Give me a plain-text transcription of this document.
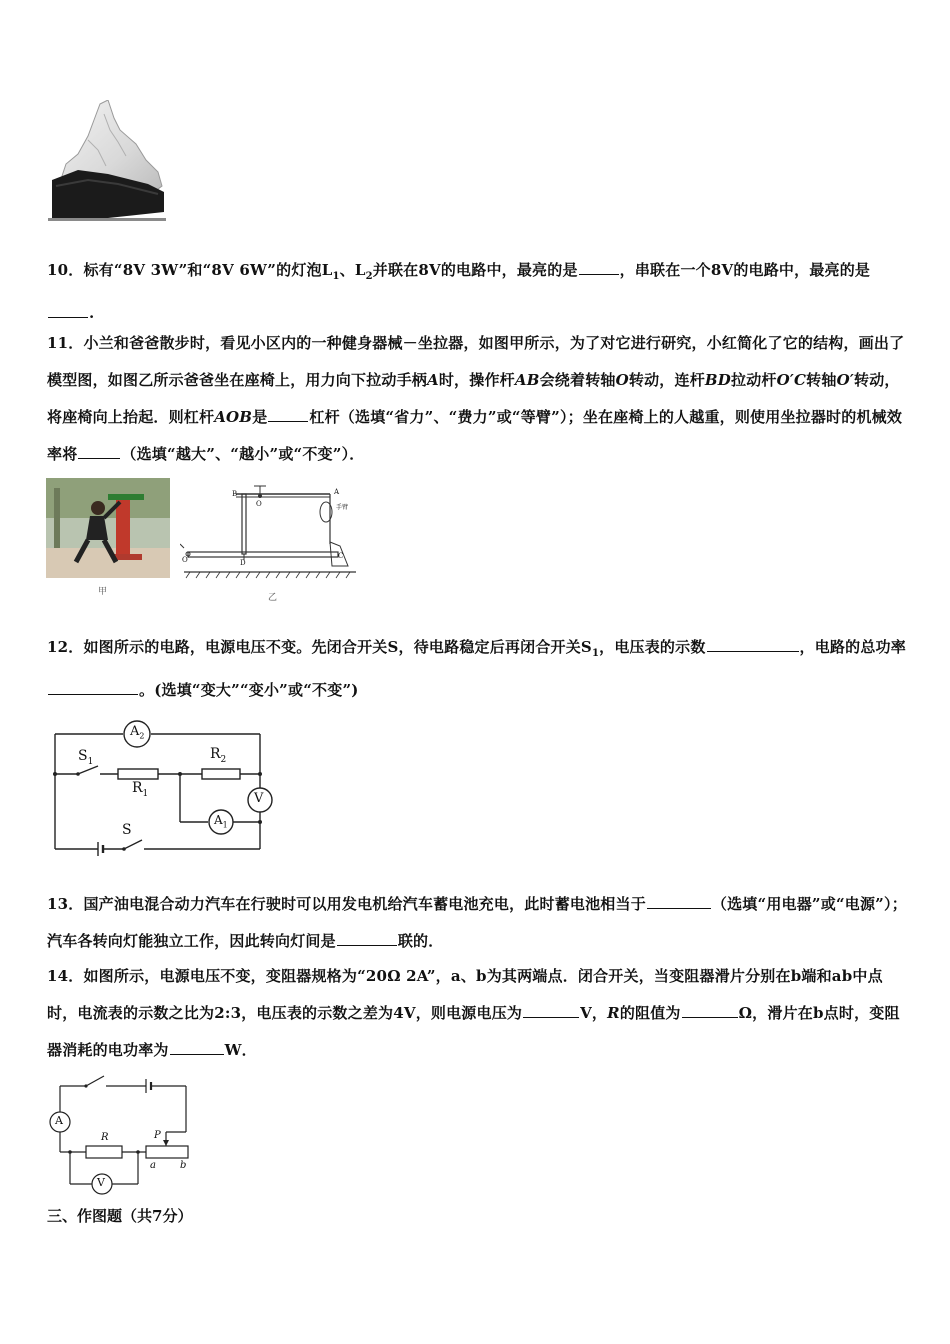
10．标有“8V 3W”和“8V 6W”的灯泡$L_1$、$L_2$并联在8V的电路中，最亮的是	，串联在一个8V的电路中，最亮的是.
11．小兰和爸爸散步时，看见小区内的一种健身器械－坐拉器，如图甲所示，为了对它进行研究，小红简化了它的结构，画出了模型图，如图乙所示爸爸坐在座椅上，用力向下拉动手柄A时，操作杆AB会绕着转轴O转动，连杆BD拉动杆O′C转轴O′转动，将座椅向上抬起．则杠杆AOB是	杠杆（选填“省力”、“费力”或“等臂”）；坐在座椅上的人越重，则使用坐拉器时的机械效率将	（选填“越大”、“越小”或“不变”）．
甲
B
O
A
手臂
O′	D
C
乙
12．如图所示的电路，电源电压不变。先闭合开关S，待电路稳定后再闭合开关$S_1$，电压表的示数	，电路的总功率。(选填“变大”“变小”或“不变”)
$A_2$
$S_1$
$R_1$
$R_2$
V
$A_1$
S
13．国产油电混合动力汽车在行驶时可以用发电机给汽车蓄电池充电，此时蓄电池相当于	（选填“用电器”或“电源”）；汽车各转向灯能独立工作，因此转向灯间是	联的．
14．如图所示，电源电压不变，变阻器规格为“20Ω 2A”，a、b为其两端点．闭合开关，当变阻器滑片分别在b端和ab中点时，电流表的示数之比为2:3，电压表的示数之差为4V，则电源电压为	V，R的阻值为	Ω，滑片在b点时，变阻器消耗的电功率为	W．
A
V
R	P
a b
三、作图题（共7分）
